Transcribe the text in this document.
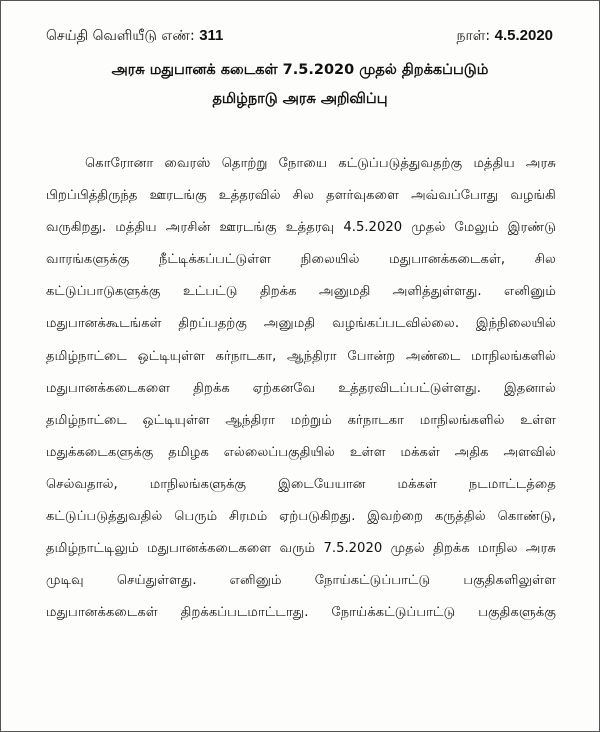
செய்தி வெளியீடு எண்: 311	நாள்: 4.5.2020
அரசு மதுபானக் கடைகள் 7.5.2020 முதல் திறக்கப்படும்
தமிழ்நாடு அரசு அறிவிப்பு
கொரோனா வைரஸ் தொற்று நோயை கட்டுப்படுத்துவதற்கு மத்திய அரசு
பிறப்பித்திருந்த ஊரடங்கு உத்தரவில் சில தளர்வுகளை அவ்வப்போது வழங்கி
வருகிறது. மத்திய அரசின் ஊரடங்கு உத்தரவு 4.5.2020 முதல் மேலும் இரண்டு
வாரங்களுக்கு நீட்டிக்கப்பட்டுள்ள நிலையில் மதுபானக்கடைகள், சில
கட்டுப்பாடுகளுக்கு உட்பட்டு திறக்க அனுமதி அளித்துள்ளது. எனினும்
மதுபானக்கூடங்கள் திறப்பதற்கு அனுமதி வழங்கப்படவில்லை. இந்நிலையில்
தமிழ்நாட்டை ஒட்டியுள்ள கர்நாடகா, ஆந்திரா போன்ற அண்டை மாநிலங்களில்
மதுபானக்கடைகளை திறக்க ஏற்கனவே உத்தரவிடப்பட்டுள்ளது. இதனால்
தமிழ்நாட்டை ஒட்டியுள்ள ஆந்திரா மற்றும் கர்நாடகா மாநிலங்களில் உள்ள
மதுக்கடைகளுக்கு தமிழக எல்லைப்பகுதியில் உள்ள மக்கள் அதிக அளவில்
செல்வதால், மாநிலங்களுக்கு இடையேயான மக்கள் நடமாட்டத்தை
கட்டுப்படுத்துவதில் பெரும் சிரமம் ஏற்படுகிறது. இவற்றை கருத்தில் கொண்டு,
தமிழ்நாட்டிலும் மதுபானக்கடைகளை வரும் 7.5.2020 முதல் திறக்க மாநில அரசு
முடிவு செய்துள்ளது. எனினும் நோய்கட்டுப்பாட்டு பகுதிகளிலுள்ள
மதுபானக்கடைகள் திறக்கப்படமாட்டாது. நோய்க்கட்டுப்பாட்டு பகுதிகளுக்கு
